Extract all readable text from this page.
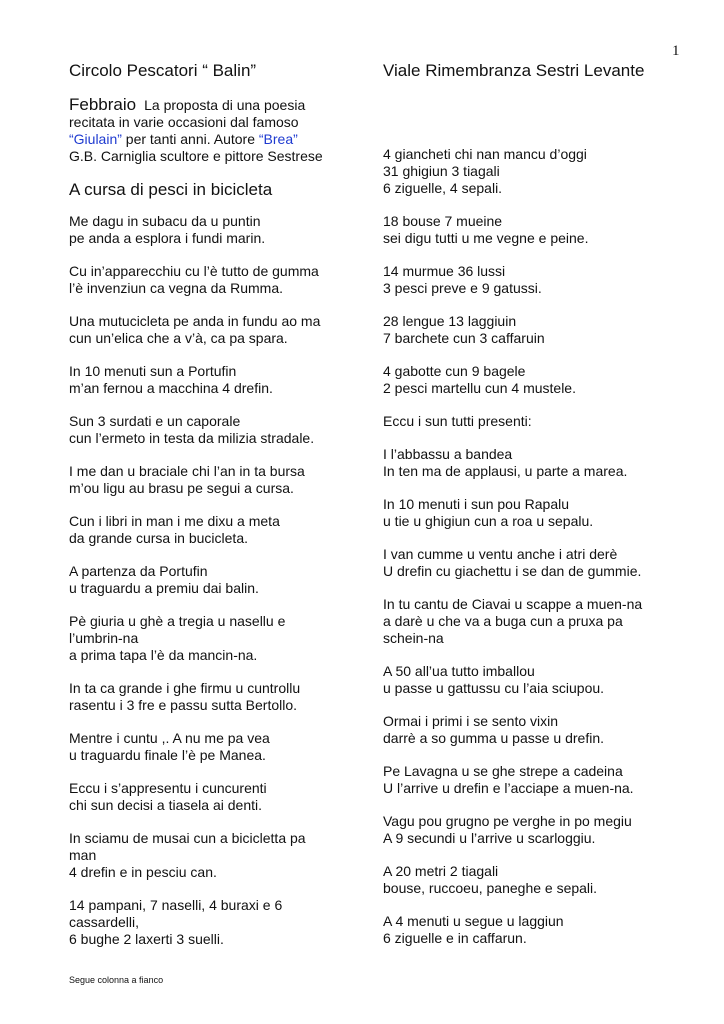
1
Circolo Pescatori “ Balin”
Febbraio La proposta di una poesia
recitata in varie occasioni dal famoso
“Giulain” per tanti anni. Autore “Brea”
G.B. Carniglia scultore e pittore Sestrese
A cursa di pesci in bicicleta
Me dagu in subacu da u puntin
pe anda a esplora i fundi marin.
Cu in’apparecchiu cu l’è tutto de gumma
l’è invenziun ca vegna da Rumma.
Una mutucicleta pe anda in fundu ao ma
cun un’elica che a v’à, ca pa spara.
In 10 menuti sun a Portufin
m’an fernou a macchina 4 drefin.
Sun 3 surdati e un caporale
cun l’ermeto in testa da milizia stradale.
I me dan u braciale chi l’an in ta bursa
m’ou ligu au brasu pe segui a cursa.
Cun i libri in man i me dixu a meta
da grande cursa in bucicleta.
A partenza da Portufin
u traguardu a premiu dai balin.
Pè giuria u ghè a tregia u nasellu e
l’umbrin-na
a prima tapa l’è da mancin-na.
In ta ca grande i ghe firmu u cuntrollu
rasentu i 3 fre e passu sutta Bertollo.
Mentre i cuntu ,. A nu me pa vea
u traguardu finale l’è pe Manea.
Eccu i s’appresentu i cuncurenti
chi sun decisi a tiasela ai denti.
In sciamu de musai cun a bicicletta pa
man
4 drefin e in pesciu can.
14 pampani, 7 naselli, 4 buraxi e 6
cassardelli,
6 bughe 2 laxerti 3 suelli.
Viale Rimembranza Sestri Levante
4 giancheti chi nan mancu d’oggi
31 ghigiun 3 tiagali
6 ziguelle, 4 sepali.
18 bouse 7 mueine
sei digu tutti u me vegne e peine.
14 murmue 36 lussi
3 pesci preve e 9 gatussi.
28 lengue 13 laggiuin
7 barchete cun 3 caffaruin
4 gabotte cun 9 bagele
2 pesci martellu cun 4 mustele.
Eccu i sun tutti presenti:
I l’abbassu a bandea
In ten ma de applausi, u parte a marea.
In 10 menuti i sun pou Rapalu
u tie u ghigiun cun a roa u sepalu.
I van cumme u ventu anche i atri derè
U drefin cu giachettu i se dan de gummie.
In tu cantu de Ciavai u scappe a muen-na
a darè u che va a buga cun a pruxa pa
schein-na
A 50 all’ua tutto imballou
u passe u gattussu cu l’aia sciupou.
Ormai i primi i se sento vixin
darrè a so gumma u passe u drefin.
Pe Lavagna u se ghe strepe a cadeina
U l’arrive u drefin e l’acciape a muen-na.
Vagu pou grugno pe verghe in po megiu
A 9 secundi u l’arrive u scarloggiu.
A 20 metri 2 tiagali
bouse, ruccoeu, paneghe e sepali.
A 4 menuti u segue u laggiun
6 ziguelle e in caffarun.
Segue colonna a fianco
